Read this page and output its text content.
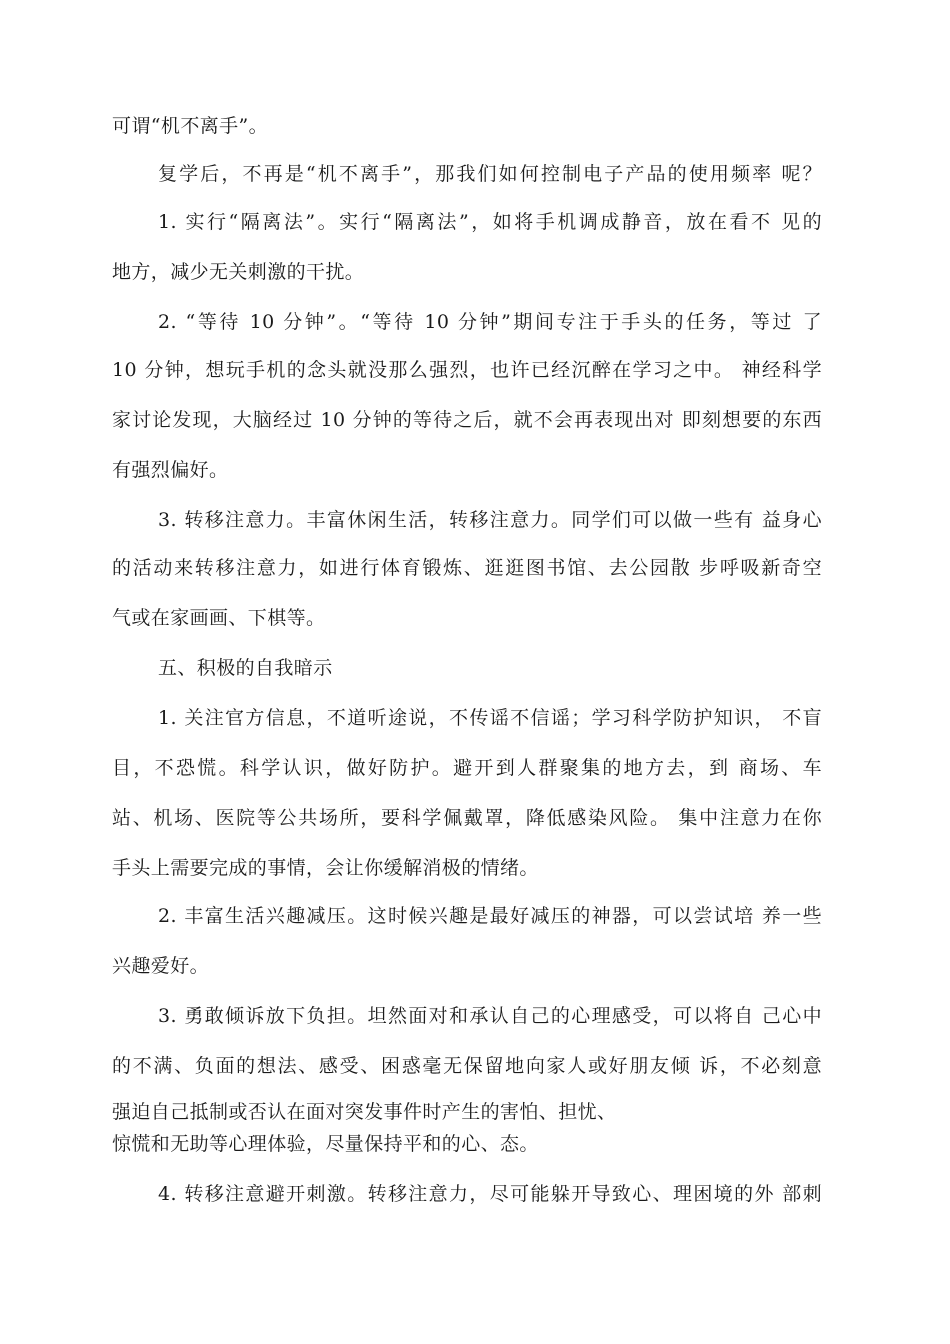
可谓“机不离手”。
复学后，不再是“机不离手”，那我们如何控制电子产品的使用频率 呢？
1. 实行“隔离法”。实行“隔离法”，如将手机调成静音，放在看不 见的
地方，减少无关刺激的干扰。
2. “等待 10 分钟”。“等待 10 分钟”期间专注于手头的任务，等过 了
10 分钟，想玩手机的念头就没那么强烈，也许已经沉醉在学习之中。 神经科学
家讨论发现，大脑经过 10 分钟的等待之后，就不会再表现出对 即刻想要的东西
有强烈偏好。
3. 转移注意力。丰富休闲生活，转移注意力。同学们可以做一些有 益身心
的活动来转移注意力，如进行体育锻炼、逛逛图书馆、去公园散 步呼吸新奇空
气或在家画画、下棋等。
五、积极的自我暗示
1. 关注官方信息，不道听途说，不传谣不信谣；学习科学防护知识， 不盲
目，不恐慌。科学认识，做好防护。避开到人群聚集的地方去，到 商场、车
站、机场、医院等公共场所，要科学佩戴罩，降低感染风险。 集中注意力在你
手头上需要完成的事情，会让你缓解消极的情绪。
2. 丰富生活兴趣减压。这时候兴趣是最好减压的神器，可以尝试培 养一些
兴趣爱好。
3. 勇敢倾诉放下负担。坦然面对和承认自己的心理感受，可以将自 己心中
的不满、负面的想法、感受、困惑毫无保留地向家人或好朋友倾 诉，不必刻意
强迫自己抵制或否认在面对突发事件时产生的害怕、担忧、
惊慌和无助等心理体验，尽量保持平和的心、态。
4. 转移注意避开刺激。转移注意力，尽可能躲开导致心、理困境的外 部刺
